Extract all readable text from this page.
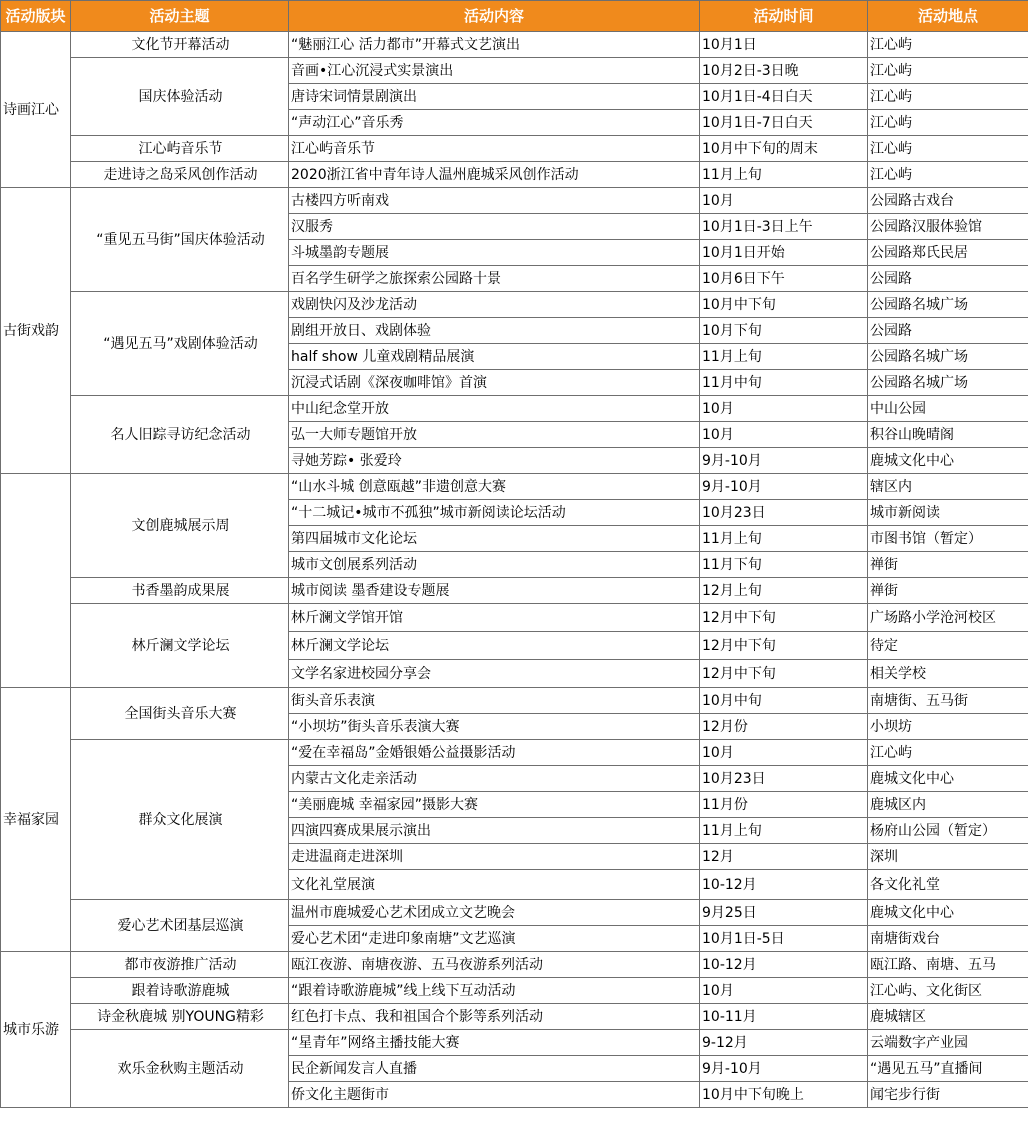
活动版块	活动主题	活动内容	活动时间	活动地点
诗画江心	文化节开幕活动	“魅丽江心 活力都市”开幕式文艺演出	10月1日	江心屿
	国庆体验活动	音画•江心沉浸式实景演出	10月2日-3日晚	江心屿
		唐诗宋词情景剧演出	10月1日-4日白天	江心屿
		“声动江心”音乐秀	10月1日-7日白天	江心屿
	江心屿音乐节	江心屿音乐节	10月中下旬的周末	江心屿
	走进诗之岛采风创作活动	2020浙江省中青年诗人温州鹿城采风创作活动	11月上旬	江心屿
古街戏韵	“重见五马街”国庆体验活动	古楼四方听南戏	10月	公园路古戏台
		汉服秀	10月1日-3日上午	公园路汉服体验馆
		斗城墨韵专题展	10月1日开始	公园路郑氏民居
		百名学生研学之旅探索公园路十景	10月6日下午	公园路
	“遇见五马”戏剧体验活动	戏剧快闪及沙龙活动	10月中下旬	公园路名城广场
		剧组开放日、戏剧体验	10月下旬	公园路
		half show 儿童戏剧精品展演	11月上旬	公园路名城广场
		沉浸式话剧《深夜咖啡馆》首演	11月中旬	公园路名城广场
	名人旧踪寻访纪念活动	中山纪念堂开放	10月	中山公园
		弘一大师专题馆开放	10月	积谷山晚晴阁
		寻她芳踪• 张爱玲	9月-10月	鹿城文化中心
	文创鹿城展示周	“山水斗城 创意瓯越”非遗创意大赛	9月-10月	辖区内
		“十二城记•城市不孤独”城市新阅读论坛活动	10月23日	城市新阅读
		第四届城市文化论坛	11月上旬	市图书馆（暂定）
		城市文创展系列活动	11月下旬	禅街
	书香墨韵成果展	城市阅读 墨香建设专题展	12月上旬	禅街
	林斤澜文学论坛	林斤澜文学馆开馆	12月中下旬	广场路小学沧河校区
		林斤澜文学论坛	12月中下旬	待定
		文学名家进校园分享会	12月中下旬	相关学校
幸福家园	全国街头音乐大赛	街头音乐表演	10月中旬	南塘街、五马街
		“小坝坊”街头音乐表演大赛	12月份	小坝坊
	群众文化展演	“爱在幸福岛”金婚银婚公益摄影活动	10月	江心屿
		内蒙古文化走亲活动	10月23日	鹿城文化中心
		“美丽鹿城 幸福家园”摄影大赛	11月份	鹿城区内
		四演四赛成果展示演出	11月上旬	杨府山公园（暂定）
		走进温商走进深圳	12月	深圳
		文化礼堂展演	10-12月	各文化礼堂
	爱心艺术团基层巡演	温州市鹿城爱心艺术团成立文艺晚会	9月25日	鹿城文化中心
		爱心艺术团“走进印象南塘”文艺巡演	10月1日-5日	南塘街戏台
城市乐游	都市夜游推广活动	瓯江夜游、南塘夜游、五马夜游系列活动	10-12月	瓯江路、南塘、五马
	跟着诗歌游鹿城	“跟着诗歌游鹿城”线上线下互动活动	10月	江心屿、文化街区
	诗金秋鹿城 别YOUNG精彩	红色打卡点、我和祖国合个影等系列活动	10-11月	鹿城辖区
	欢乐金秋购主题活动	“星青年”网络主播技能大赛	9-12月	云端数字产业园
		民企新闻发言人直播	9月-10月	“遇见五马”直播间
		侨文化主题街市	10月中下旬晚上	闻宅步行街
